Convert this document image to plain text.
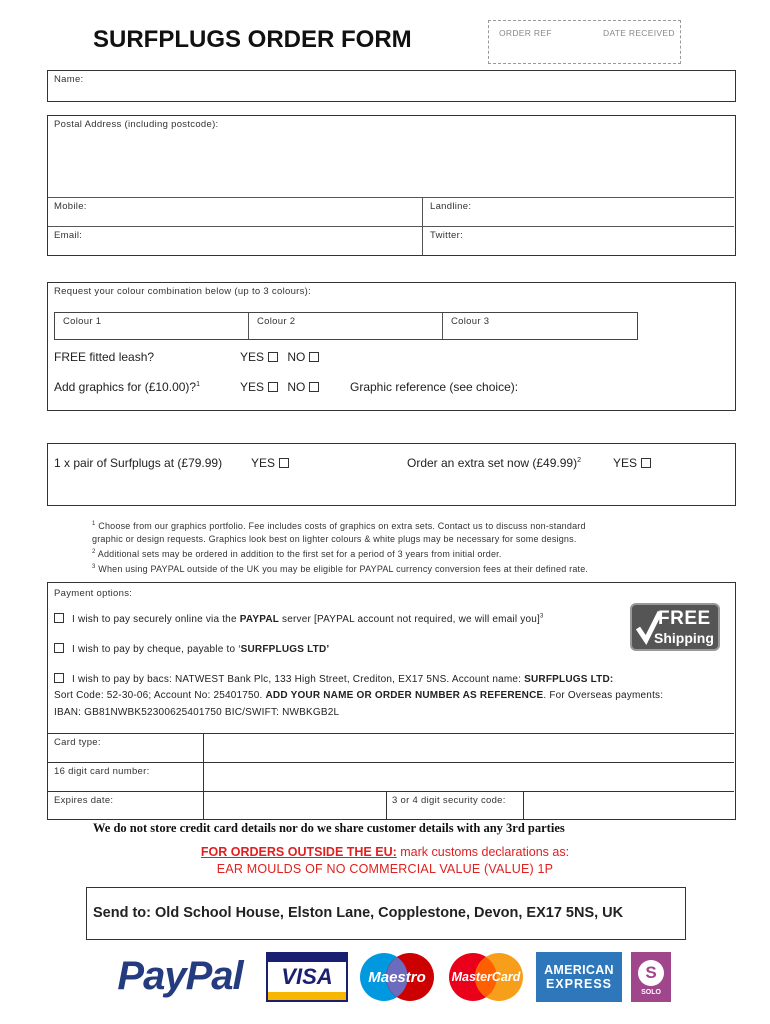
SURFPLUGS ORDER FORM	ORDER REF	DATE RECEIVED
Name:
Postal Address (including postcode):
Mobile:	Landline:
Email:	Twitter:
Request your colour combination below (up to 3 colours):
Colour 1	Colour 2	Colour 3
FREE fitted leash?	YES NO
Add graphics for (£10.00)?$^1$	YES NO	Graphic reference (see choice):
1 x pair of Surfplugs at (£79.99) YES	Order an extra set now (£49.99)$^2$	YES
$^1$ Choose from our graphics portfolio. Fee includes costs of graphics on extra sets. Contact us to discuss non-standard
graphic or design requests. Graphics look best on lighter colours & white plugs may be necessary for some designs.
$^2$ Additional sets may be ordered in addition to the first set for a period of 3 years from initial order.
$^3$ When using PAYPAL outside of the UK you may be eligible for PAYPAL currency conversion fees at their defined rate.
Payment options:
I wish to pay securely online via the PAYPAL server [PAYPAL account not required, we will email you]$^3$
I wish to pay by cheque, payable to ‘SURFPLUGS LTD’
I wish to pay by bacs: NATWEST Bank Plc, 133 High Street, Crediton, EX17 5NS. Account name: SURFPLUGS LTD:
Sort Code: 52-30-06; Account No: 25401750. ADD YOUR NAME OR ORDER NUMBER AS REFERENCE. For Overseas payments:
IBAN: GB81NWBK52300625401750 BIC/SWIFT: NWBKGB2L
FREE
Shipping
Card type:
16 digit card number:
Expires date:	3 or 4 digit security code:
We do not store credit card details nor do we share customer details with any 3rd parties
FOR ORDERS OUTSIDE THE EU: mark customs declarations as:
EAR MOULDS OF NO COMMERCIAL VALUE (VALUE) 1P
Send to: Old School House, Elston Lane, Copplestone, Devon, EX17 5NS, UK
PayPal VISA Maestro MasterCard AMERICAN
EXPRESS
S
SOLO
